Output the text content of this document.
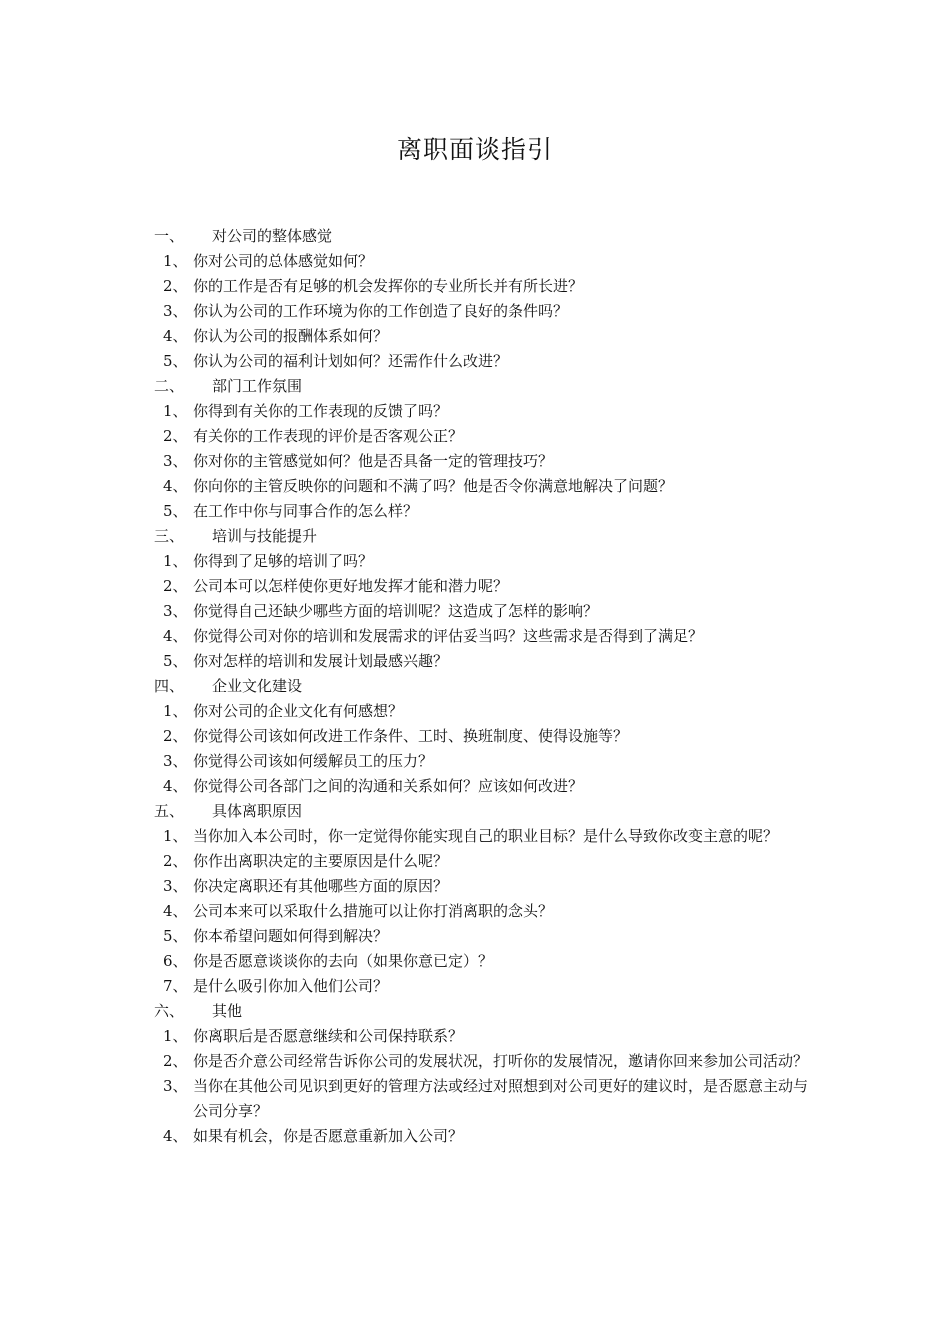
离职面谈指引
一、 对公司的整体感觉
1、 你对公司的总体感觉如何？
2、 你的工作是否有足够的机会发挥你的专业所长并有所长进？
3、 你认为公司的工作环境为你的工作创造了良好的条件吗？
4、 你认为公司的报酬体系如何？
5、 你认为公司的福利计划如何？还需作什么改进？
二、 部门工作氛围
1、 你得到有关你的工作表现的反馈了吗？
2、 有关你的工作表现的评价是否客观公正？
3、 你对你的主管感觉如何？他是否具备一定的管理技巧？
4、 你向你的主管反映你的问题和不满了吗？他是否令你满意地解决了问题？
5、 在工作中你与同事合作的怎么样？
三、 培训与技能提升
1、 你得到了足够的培训了吗？
2、 公司本可以怎样使你更好地发挥才能和潜力呢？
3、 你觉得自己还缺少哪些方面的培训呢？这造成了怎样的影响？
4、 你觉得公司对你的培训和发展需求的评估妥当吗？这些需求是否得到了满足？
5、 你对怎样的培训和发展计划最感兴趣？
四、 企业文化建设
1、 你对公司的企业文化有何感想？
2、 你觉得公司该如何改进工作条件、工时、换班制度、使得设施等？
3、 你觉得公司该如何缓解员工的压力？
4、 你觉得公司各部门之间的沟通和关系如何？应该如何改进？
五、 具体离职原因
1、 当你加入本公司时，你一定觉得你能实现自己的职业目标？是什么导致你改变主意的呢？
2、 你作出离职决定的主要原因是什么呢？
3、 你决定离职还有其他哪些方面的原因？
4、 公司本来可以采取什么措施可以让你打消离职的念头？
5、 你本希望问题如何得到解决？
6、 你是否愿意谈谈你的去向（如果你意已定）？
7、 是什么吸引你加入他们公司？
六、 其他
1、 你离职后是否愿意继续和公司保持联系？
2、 你是否介意公司经常告诉你公司的发展状况，打听你的发展情况，邀请你回来参加公司活动？
3、 当你在其他公司见识到更好的管理方法或经过对照想到对公司更好的建议时，是否愿意主动与公司分享？
4、 如果有机会，你是否愿意重新加入公司？
